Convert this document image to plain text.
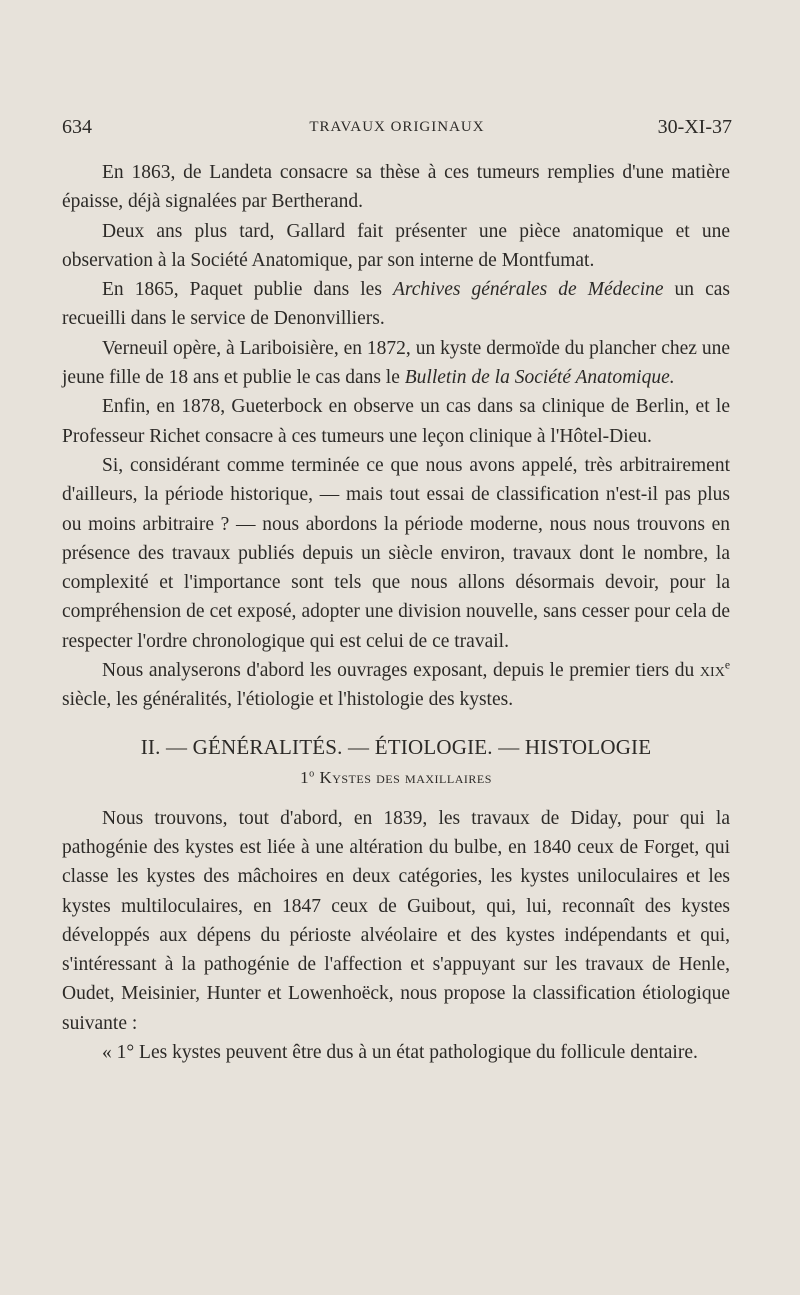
634	TRAVAUX ORIGINAUX	30-XI-37

En 1863, de Landeta consacre sa thèse à ces tumeurs remplies d'une matière épaisse, déjà signalées par Bertherand.

Deux ans plus tard, Gallard fait présenter une pièce anatomique et une observation à la Société Anatomique, par son interne de Montfumat.

En 1865, Paquet publie dans les Archives générales de Médecine un cas recueilli dans le service de Denonvilliers.

Verneuil opère, à Lariboisière, en 1872, un kyste dermoïde du plancher chez une jeune fille de 18 ans et publie le cas dans le Bulletin de la Société Anatomique.

Enfin, en 1878, Gueterbock en observe un cas dans sa clinique de Berlin, et le Professeur Richet consacre à ces tumeurs une leçon clinique à l'Hôtel-Dieu.

Si, considérant comme terminée ce que nous avons appelé, très arbitrairement d'ailleurs, la période historique, — mais tout essai de classification n'est-il pas plus ou moins arbitraire ? — nous abordons la période moderne, nous nous trouvons en présence des travaux publiés depuis un siècle environ, travaux dont le nombre, la complexité et l'importance sont tels que nous allons désormais devoir, pour la compréhension de cet exposé, adopter une division nouvelle, sans cesser pour cela de respecter l'ordre chronologique qui est celui de ce travail.

Nous analyserons d'abord les ouvrages exposant, depuis le premier tiers du xix$^e$ siècle, les généralités, l'étiologie et l'histologie des kystes.

II. — GÉNÉRALITÉS. — ÉTIOLOGIE. — HISTOLOGIE
1$^o$ Kystes des maxillaires

Nous trouvons, tout d'abord, en 1839, les travaux de Diday, pour qui la pathogénie des kystes est liée à une altération du bulbe, en 1840 ceux de Forget, qui classe les kystes des mâchoires en deux catégories, les kystes uniloculaires et les kystes multiloculaires, en 1847 ceux de Guibout, qui, lui, reconnaît des kystes développés aux dépens du périoste alvéolaire et des kystes indépendants et qui, s'intéressant à la pathogénie de l'affection et s'appuyant sur les travaux de Henle, Oudet, Meisinier, Hunter et Lowenhoëck, nous propose la classification étiologique suivante :

« 1° Les kystes peuvent être dus à un état pathologique du follicule dentaire.
